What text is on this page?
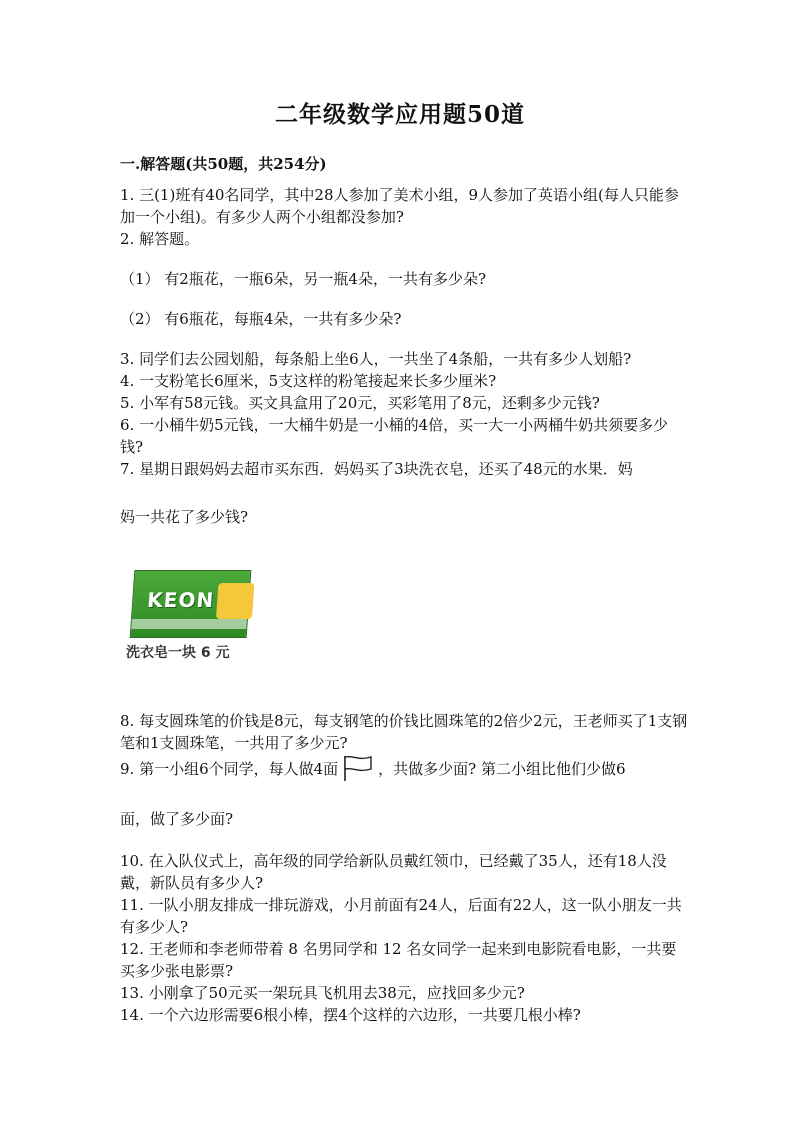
二年级数学应用题50道
一.解答题(共50题，共254分)

1. 三(1)班有40名同学，其中28人参加了美术小组，9人参加了英语小组(每人只能参加一个小组)。有多少人两个小组都没参加?

2. 解答题。

（1） 有2瓶花，一瓶6朵，另一瓶4朵，一共有多少朵?

（2） 有6瓶花，每瓶4朵，一共有多少朵?

3. 同学们去公园划船，每条船上坐6人，一共坐了4条船，一共有多少人划船?

4. 一支粉笔长6厘米，5支这样的粉笔接起来长多少厘米?

5. 小军有58元钱。买文具盒用了20元，买彩笔用了8元，还剩多少元钱?

6. 一小桶牛奶5元钱，一大桶牛奶是一小桶的4倍，买一大一小两桶牛奶共须要多少钱?

7. 星期日跟妈妈去超市买东西．妈妈买了3块洗衣皂，还买了48元的水果．妈

妈一共花了多少钱?

KEON
洗衣皂一块 6 元

8. 每支圆珠笔的价钱是8元，每支钢笔的价钱比圆珠笔的2倍少2元，王老师买了1支钢笔和1支圆珠笔，一共用了多少元?

9. 第一小组6个同学，每人做4面	，共做多少面? 第二小组比他们少做6

面，做了多少面?

10. 在入队仪式上，高年级的同学给新队员戴红领巾，已经戴了35人，还有18人没戴，新队员有多少人?

11. 一队小朋友排成一排玩游戏，小月前面有24人，后面有22人，这一队小朋友一共有多少人?

12. 王老师和李老师带着 8 名男同学和 12 名女同学一起来到电影院看电影，一共要买多少张电影票?

13. 小刚拿了50元买一架玩具飞机用去38元，应找回多少元?

14. 一个六边形需要6根小棒，摆4个这样的六边形，一共要几根小棒?
